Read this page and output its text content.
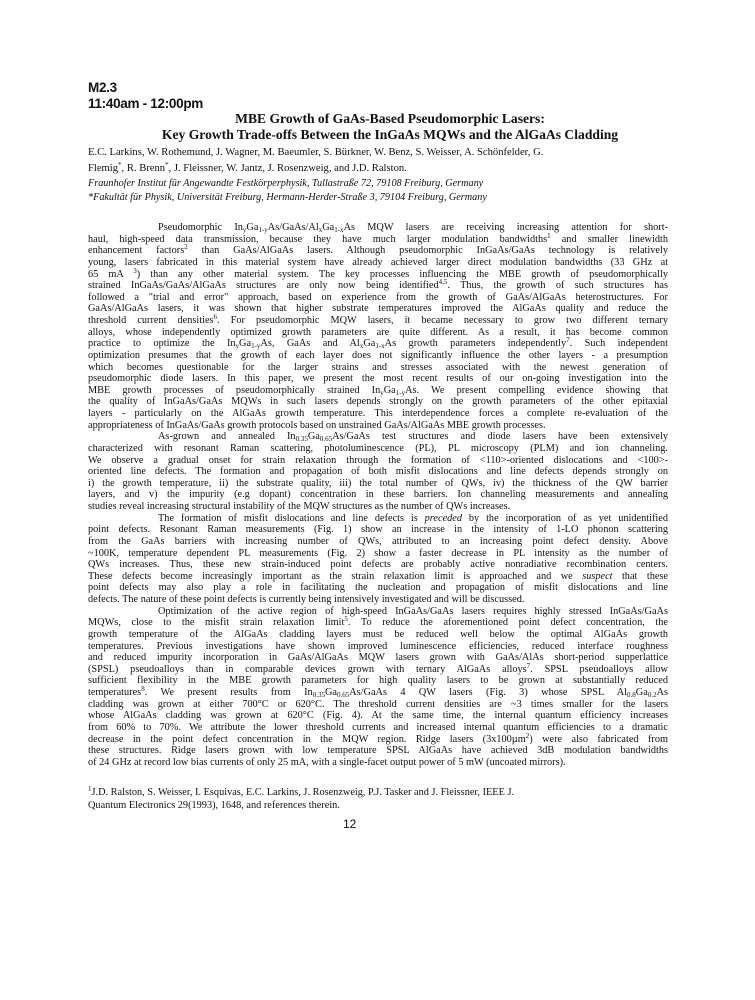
M2.3
11:40am - 12:00pm
MBE Growth of GaAs-Based Pseudomorphic Lasers:
Key Growth Trade-offs Between the InGaAs MQWs and the AlGaAs Cladding
E.C. Larkins, W. Rothemund, J. Wagner, M. Baeumler, S. Bürkner, W. Benz, S. Weisser, A. Schönfelder, G.
Flemig*, R. Brenn*, J. Fleissner, W. Jantz, J. Rosenzweig, and J.D. Ralston.
Fraunhofer Institut für Angewandte Festkörperphysik, Tullastraße 72, 79108 Freiburg, Germany
*Fakultät für Physik, Universität Freiburg, Hermann-Herder-Straße 3, 79104 Freiburg, Germany
Pseudomorphic $In_yGa_{1-y}As/GaAs/Al_xGa_{1-x}As$ MQW lasers are receiving increasing attention for short-
haul, high-speed data transmission, because they have much larger modulation bandwidths$^1$ and smaller linewidth
enhancement factors$^2$ than GaAs/AlGaAs lasers. Although pseudomorphic InGaAs/GaAs technology is relatively
young, lasers fabricated in this material system have already achieved larger direct modulation bandwidths (33 GHz at
65 mA $^3$) than any other material system. The key processes influencing the MBE growth of pseudomorphically
strained InGaAs/GaAs/AlGaAs structures are only now being identified$^{4,5}$. Thus, the growth of such structures has
followed a "trial and error" approach, based on experience from the growth of GaAs/AlGaAs heterostructures. For
GaAs/AlGaAs lasers, it was shown that higher substrate temperatures improved the AlGaAs quality and reduce the
threshold current densities$^6$. For pseudomorphic MQW lasers, it became necessary to grow two different ternary
alloys, whose independently optimized growth parameters are quite different. As a result, it has become common
practice to optimize the $In_yGa_{1-y}As$, GaAs and $Al_xGa_{1-x}As$ growth parameters independently$^7$. Such independent
optimization presumes that the growth of each layer does not significantly influence the other layers - a presumption
which becomes questionable for the larger strains and stresses associated with the newest generation of
pseudomorphic diode lasers. In this paper, we present the most recent results of our on-going investigation into the
MBE growth processes of pseudomorphically strained $In_yGa_{1-y}As$. We present compelling evidence showing that
the quality of InGaAs/GaAs MQWs in such lasers depends strongly on the growth parameters of the other epitaxial
layers - particularly on the AlGaAs growth temperature. This interdependence forces a complete re-evaluation of the
appropriateness of InGaAs/GaAs growth protocols based on unstrained GaAs/AlGaAs MBE growth processes.
As-grown and annealed $In_{0.35}Ga_{0.65}As$/GaAs test structures and diode lasers have been extensively
characterized with resonant Raman scattering, photoluminescence (PL), PL microscopy (PLM) and ion channeling.
We observe a gradual onset for strain relaxation through the formation of <110>-oriented dislocations and <100>-
oriented line defects. The formation and propagation of both misfit dislocations and line defects depends strongly on
i) the growth temperature, ii) the substrate quality, iii) the total number of QWs, iv) the thickness of the QW barrier
layers, and v) the impurity (e.g dopant) concentration in these barriers. Ion channeling measurements and annealing
studies reveal increasing structural instability of the MQW structures as the number of QWs increases.
The formation of misfit dislocations and line defects is preceded by the incorporation of as yet unidentified
point defects. Resonant Raman measurements (Fig. 1) show an increase in the intensity of 1-LO phonon scattering
from the GaAs barriers with increasing number of QWs, attributed to an increasing point defect density. Above
~100K, temperature dependent PL measurements (Fig. 2) show a faster decrease in PL intensity as the number of
QWs increases. Thus, these new strain-induced point defects are probably active nonradiative recombination centers.
These defects become increasingly important as the strain relaxation limit is approached and we suspect that these
point defects may also play a role in facilitating the nucleation and propagation of misfit dislocations and line
defects. The nature of these point defects is currently being intensively investigated and will be discussed.
Optimization of the active region of high-speed InGaAs/GaAs lasers requires highly stressed InGaAs/GaAs
MQWs, close to the misfit strain relaxation limit$^5$. To reduce the aforementioned point defect concentration, the
growth temperature of the AlGaAs cladding layers must be reduced well below the optimal AlGaAs growth
temperatures. Previous investigations have shown improved luminescence efficiencies, reduced interface roughness
and reduced impurity incorporation in GaAs/AlGaAs MQW lasers grown with GaAs/AlAs short-period supperlattice
(SPSL) pseudoalloys than in comparable devices grown with ternary AlGaAs alloys$^7$. SPSL pseudoalloys allow
sufficient flexibility in the MBE growth parameters for high quality lasers to be grown at substantially reduced
temperatures$^8$. We present results from $In_{0.35}Ga_{0.65}As$/GaAs 4 QW lasers (Fig. 3) whose SPSL $Al_{0.8}Ga_{0.2}As$
cladding was grown at either 700°C or 620°C. The threshold current densities are ~3 times smaller for the lasers
whose AlGaAs cladding was grown at 620°C (Fig. 4). At the same time, the internal quantum efficiency increases
from 60% to 70%. We attribute the lower threshold currents and increased internal quantum efficiencies to a dramatic
decrease in the point defect concentration in the MQW region. Ridge lasers (3x100µm$^2$) were also fabricated from
these structures. Ridge lasers grown with low temperature SPSL AlGaAs have achieved 3dB modulation bandwidths
of 24 GHz at record low bias currents of only 25 mA, with a single-facet output power of 5 mW (uncoated mirrors).
$^1$J.D. Ralston, S. Weisser, I. Esquivas, E.C. Larkins, J. Rosenzweig, P.J. Tasker and J. Fleissner, IEEE J.
Quantum Electronics 29(1993), 1648, and references therein.
12
